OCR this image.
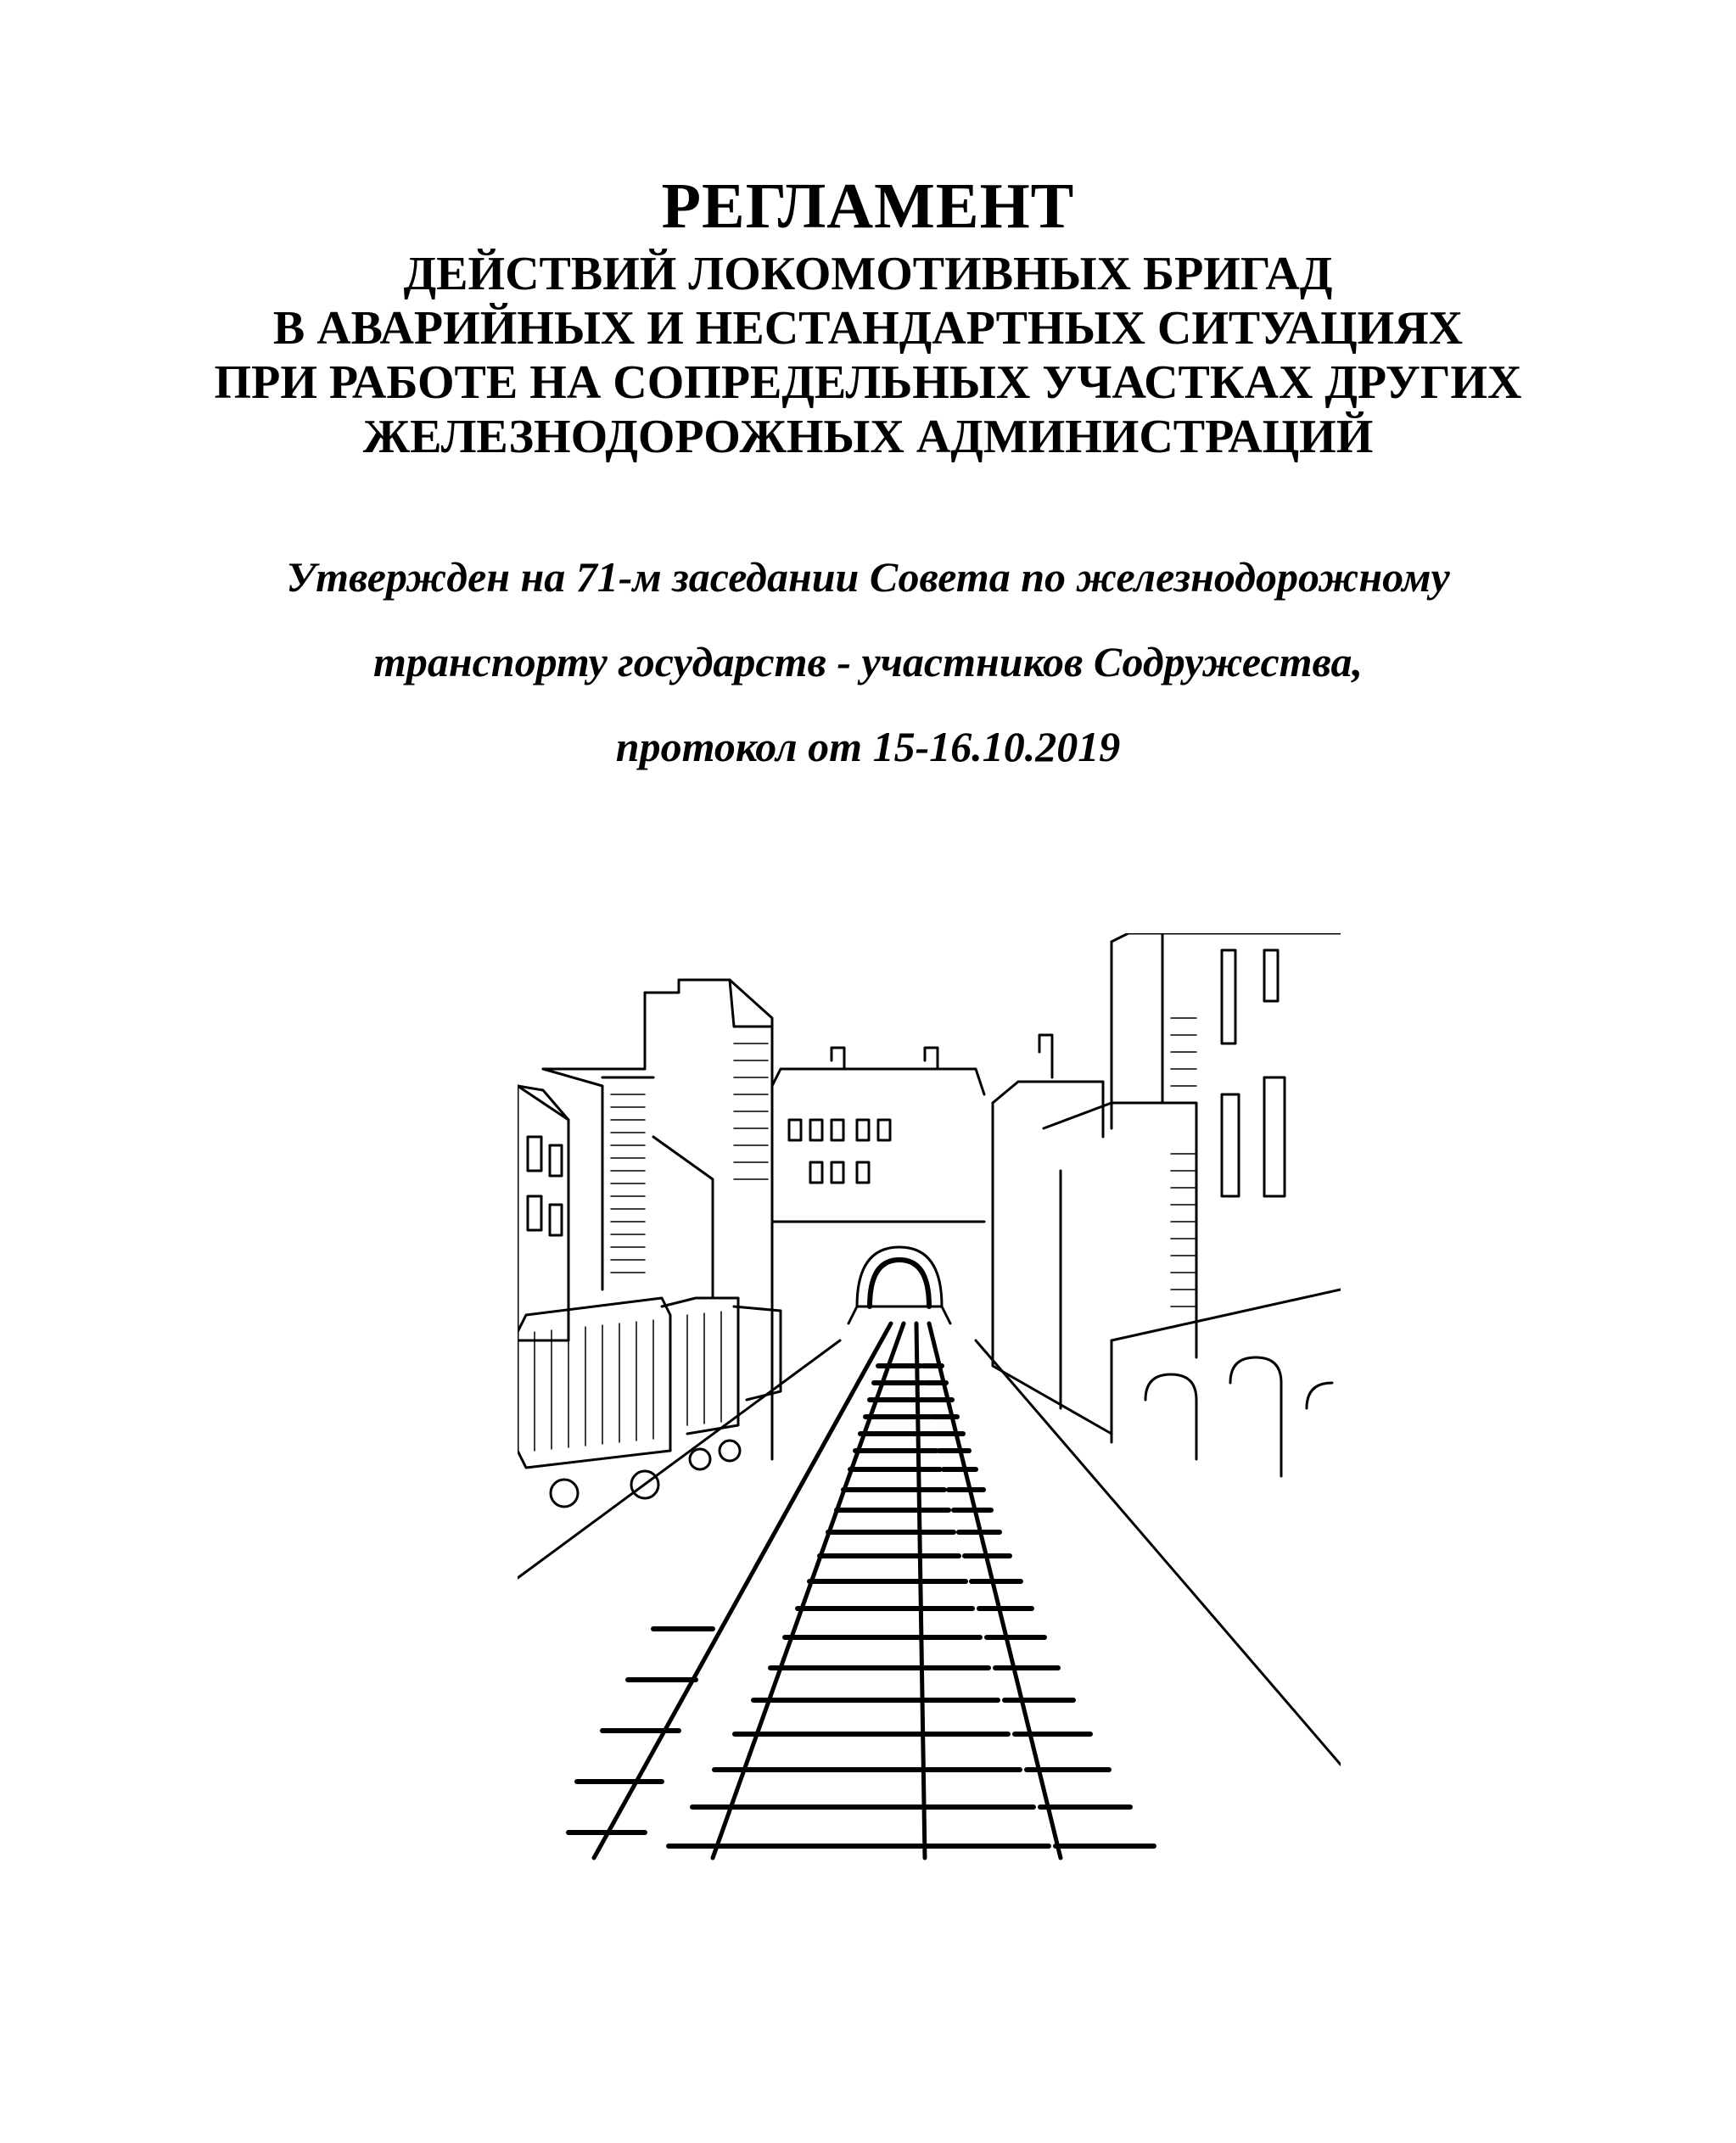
РЕГЛАМЕНТ
ДЕЙСТВИЙ ЛОКОМОТИВНЫХ БРИГАД
В АВАРИЙНЫХ И НЕСТАНДАРТНЫХ СИТУАЦИЯХ
ПРИ РАБОТЕ НА СОПРЕДЕЛЬНЫХ УЧАСТКАХ ДРУГИХ
ЖЕЛЕЗНОДОРОЖНЫХ АДМИНИСТРАЦИЙ
Утвержден на 71-м заседании Совета по железнодорожному
транспорту государств - участников Содружества,
протокол от 15-16.10.2019
